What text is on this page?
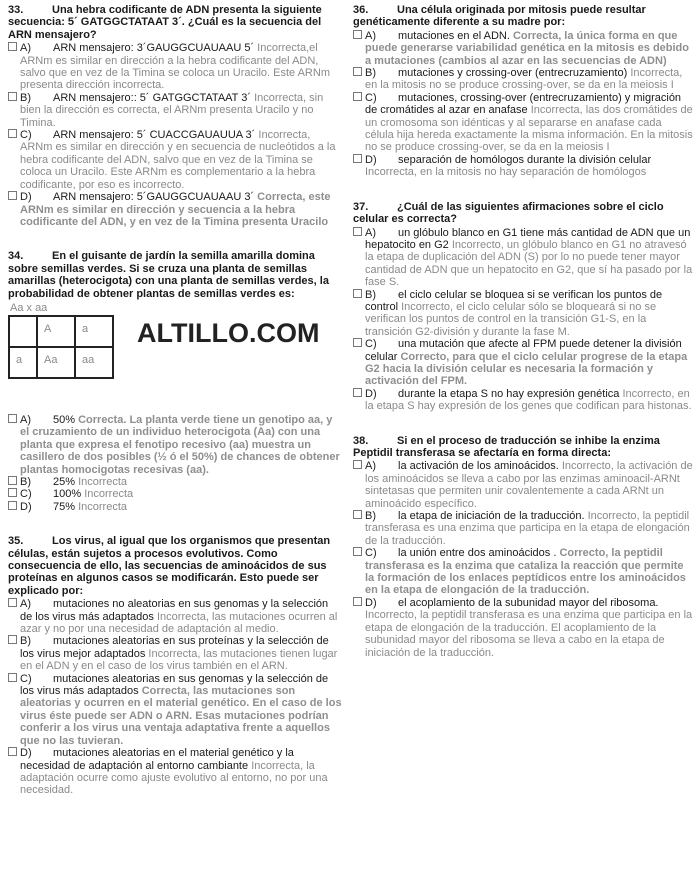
33.	Una hebra codificante de ADN presenta la siguiente secuencia: 5´ GATGGCTATAAT 3´. ¿Cuál es la secuencia del ARN mensajero?
A) ARN mensajero: 3´GAUGGCUAUAAU 5´ Incorrecta,el ARNm es similar en dirección a la hebra codificante del ADN, salvo que en vez de la Timina se coloca un Uracilo. Este ARNm presenta dirección incorrecta.
B) ARN mensajero:: 5´ GATGGCTATAAT 3´ Incorrecta, sin bien la dirección es correcta, el ARNm presenta Uracilo y no Timina.
C) ARN mensajero: 5´ CUACCGAUAUUA 3´ Incorrecta, ARNm es similar en dirección y en secuencia de nucleótidos a la hebra codificante del ADN, salvo que en vez de la Timina se coloca un Uracilo. Este ARNm es complementario a la hebra codificante, por eso es incorrecto.
D) ARN mensajero: 5´GAUGGCUAUAAU 3´ Correcta, este ARNm es similar en dirección y secuencia a la hebra codificante del ADN, y en vez de la Timina presenta Uracilo
34.	En el guisante de jardín la semilla amarilla domina sobre semillas verdes. Si se cruza una planta de semillas amarillas (heterocigota) con una planta de semillas verdes, la probabilidad de obtener plantas de semillas verdes es:
Aa x aa
	A	a
a	Aa	aa
ALTILLO.COM
A) 50% Correcta. La planta verde tiene un genotipo aa, y el cruzamiento de un individuo heterocigota (Aa) con una planta que expresa el fenotipo recesivo (aa) muestra un casillero de dos posibles (½ ó el 50%) de chances de obtener plantas homocigotas recesivas (aa).
B) 25% Incorrecta
C) 100% Incorrecta
D) 75% Incorrecta
35.	Los virus, al igual que los organismos que presentan células, están sujetos a procesos evolutivos. Como consecuencia de ello, las secuencias de aminoácidos de sus proteínas en algunos casos se modificarán. Esto puede ser explicado por:
A) mutaciones no aleatorias en sus genomas y la selección de los virus más adaptados Incorrecta, las mutaciones ocurren al azar y no por una necesidad de adaptación al medio.
B) mutaciones aleatorias en sus proteínas y la selección de los virus mejor adaptados Incorrecta, las mutaciones tienen lugar en el ADN y en el caso de los virus también en el ARN.
C) mutaciones aleatorias en sus genomas y la selección de los virus más adaptados Correcta, las mutaciones son aleatorias y ocurren en el material genético. En el caso de los virus éste puede ser ADN o ARN. Esas mutaciones podrían conferir a los virus una ventaja adaptativa frente a aquellos que no las tuvieran.
D) mutaciones aleatorias en el material genético y la necesidad de adaptación al entorno cambiante Incorrecta, la adaptación ocurre como ajuste evolutivo al entorno, no por una necesidad.
36.	Una célula originada por mitosis puede resultar genéticamente diferente a su madre por:
A) mutaciones en el ADN. Correcta, la única forma en que puede generarse variabilidad genética en la mitosis es debido a mutaciones (cambios al azar en las secuencias de ADN)
B) mutaciones y crossing-over (entrecruzamiento) Incorrecta, en la mitosis no se produce crossing-over, se da en la meiosis I
C) mutaciones, crossing-over (entrecruzamiento) y migración de cromátides al azar en anafase Incorrecta, las dos cromátides de un cromosoma son idénticas y al separarse en anafase cada célula hija hereda exactamente la misma información. En la mitosis no se produce crossing-over, se da en la meiosis I
D) separación de homólogos durante la división celular Incorrecta, en la mitosis no hay separación de homólogos
37.	¿Cuál de las siguientes afirmaciones sobre el ciclo celular es correcta?
A) un glóbulo blanco en G1 tiene más cantidad de ADN que un hepatocito en G2 Incorrecto, un glóbulo blanco en G1 no atravesó la etapa de duplicación del ADN (S) por lo no puede tener mayor cantidad de ADN que un hepatocito en G2, que sí ha pasado por la fase S.
B) el ciclo celular se bloquea si se verifican los puntos de control Incorrecto, el ciclo celular sólo se bloqueará si no se verifican los puntos de control en la transición G1-S, en la transición G2-división y durante la fase M.
C) una mutación que afecte al FPM puede detener la división celular Correcto, para que el ciclo celular progrese de la etapa G2 hacia la división celular es necesaria la formación y activación del FPM.
D) durante la etapa S no hay expresión genética Incorrecto, en la etapa S hay expresión de los genes que codifican para histonas.
38.	Si en el proceso de traducción se inhibe la enzima Peptidil transferasa se afectaría en forma directa:
A) la activación de los aminoácidos. Incorrecto, la activación de los aminoácidos se lleva a cabo por las enzimas aminoacil-ARNt sintetasas que permiten unir covalentemente a cada ARNt un aminoácido específico.
B) la etapa de iniciación de la traducción. Incorrecto, la peptidil transferasa es una enzima que participa en la etapa de elongación de la traducción.
C) la unión entre dos aminoácidos . Correcto, la peptidil transferasa es la enzima que cataliza la reacción que permite la formación de los enlaces peptídicos entre los aminoácidos en la etapa de elongación de la traducción.
D) el acoplamiento de la subunidad mayor del ribosoma. Incorrecto, la peptidil transferasa es una enzima que participa en la etapa de elongación de la traducción. El acoplamiento de la subunidad mayor del ribosoma se lleva a cabo en la etapa de iniciación de la traducción.
